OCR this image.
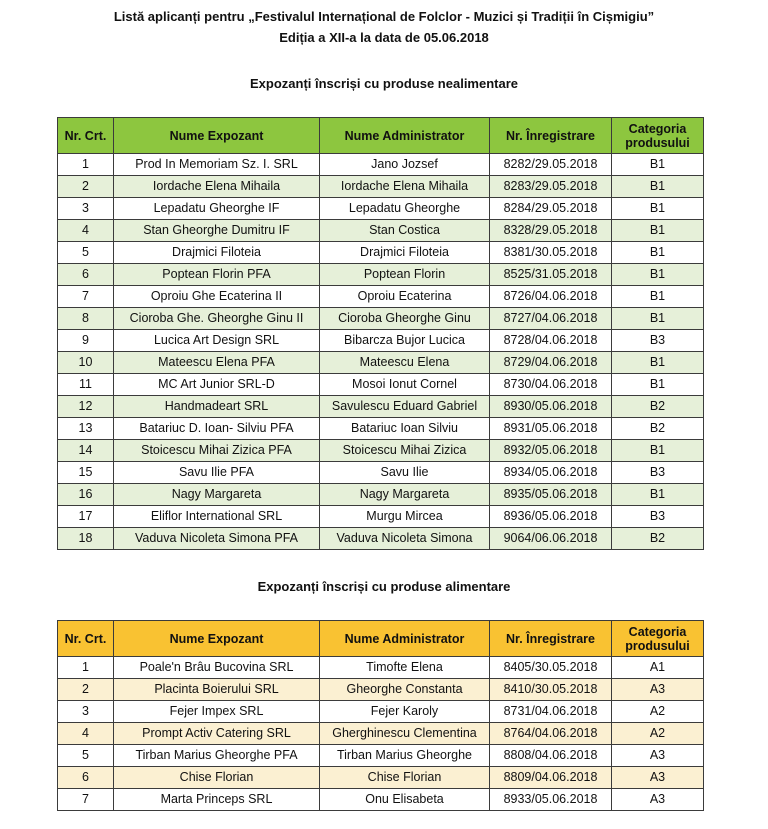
Listă aplicanți pentru „Festivalul Internațional de Folclor - Muzici și Tradiții în Cișmigiu”
Ediția a XII-a la data de 05.06.2018
Expozanți înscriși cu produse nealimentare
Nr. Crt.	Nume Expozant	Nume Administrator	Nr. Înregistrare	Categoria produsului
1	Prod In Memoriam Sz. I. SRL	Jano Jozsef	8282/29.05.2018	B1
2	Iordache Elena Mihaila	Iordache Elena Mihaila	8283/29.05.2018	B1
3	Lepadatu Gheorghe IF	Lepadatu Gheorghe	8284/29.05.2018	B1
4	Stan Gheorghe Dumitru IF	Stan Costica	8328/29.05.2018	B1
5	Drajmici Filoteia	Drajmici Filoteia	8381/30.05.2018	B1
6	Poptean Florin PFA	Poptean Florin	8525/31.05.2018	B1
7	Oproiu Ghe Ecaterina II	Oproiu Ecaterina	8726/04.06.2018	B1
8	Cioroba Ghe. Gheorghe Ginu II	Cioroba Gheorghe Ginu	8727/04.06.2018	B1
9	Lucica Art Design SRL	Bibarcza Bujor Lucica	8728/04.06.2018	B3
10	Mateescu Elena PFA	Mateescu Elena	8729/04.06.2018	B1
11	MC Art Junior SRL-D	Mosoi Ionut Cornel	8730/04.06.2018	B1
12	Handmadeart SRL	Savulescu Eduard Gabriel	8930/05.06.2018	B2
13	Batariuc D. Ioan- Silviu PFA	Batariuc Ioan Silviu	8931/05.06.2018	B2
14	Stoicescu Mihai Zizica PFA	Stoicescu Mihai Zizica	8932/05.06.2018	B1
15	Savu Ilie PFA	Savu Ilie	8934/05.06.2018	B3
16	Nagy Margareta	Nagy Margareta	8935/05.06.2018	B1
17	Eliflor International SRL	Murgu Mircea	8936/05.06.2018	B3
18	Vaduva Nicoleta Simona PFA	Vaduva Nicoleta Simona	9064/06.06.2018	B2
Expozanți înscriși cu produse alimentare
Nr. Crt.	Nume Expozant	Nume Administrator	Nr. Înregistrare	Categoria produsului
1	Poale'n Brâu Bucovina SRL	Timofte Elena	8405/30.05.2018	A1
2	Placinta Boierului SRL	Gheorghe Constanta	8410/30.05.2018	A3
3	Fejer Impex SRL	Fejer Karoly	8731/04.06.2018	A2
4	Prompt Activ Catering SRL	Gherghinescu Clementina	8764/04.06.2018	A2
5	Tirban Marius Gheorghe PFA	Tirban Marius Gheorghe	8808/04.06.2018	A3
6	Chise Florian	Chise Florian	8809/04.06.2018	A3
7	Marta Princeps SRL	Onu Elisabeta	8933/05.06.2018	A3
